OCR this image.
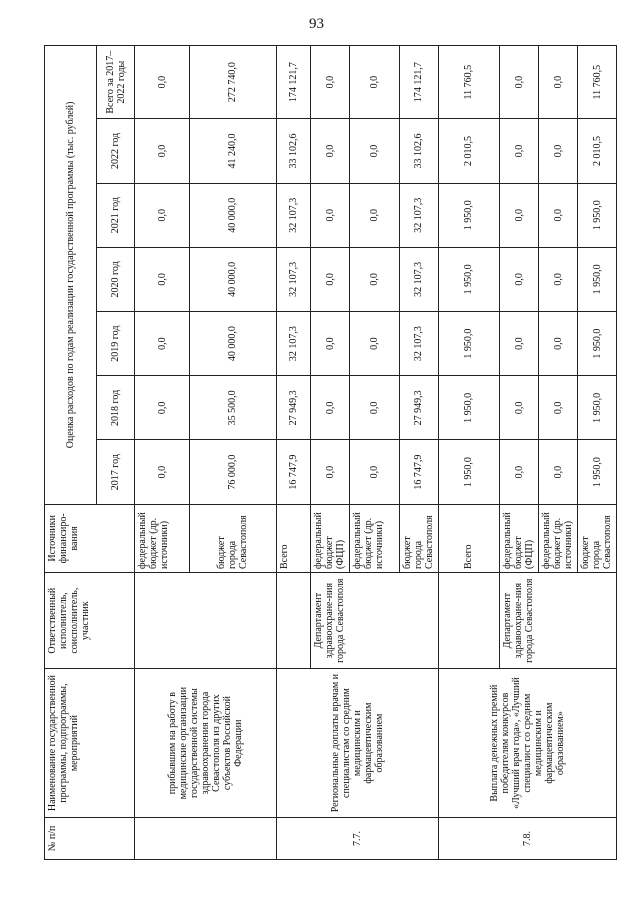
93
№ п/п	Наименование государственной программы, подпрограммы, мероприятий	Ответственный исполнитель, соисполнитель, участник	Источники финансиро-вания	Оценка расходов по годам реализации государственной программы (тыс. рублей)						
				2017 год	2018 год	2019 год	2020 год	2021 год	2022 год	Всего за 2017–2022 годы
	прибывшим на работу в медицинские организации государственной системы здравоохранения города Севастополя из других субъектов Российской Федерации		федеральный бюджет (др. источники)	0,0	0,0	0,0	0,0	0,0	0,0	0,0
			бюджет города Севастополя	76 000,0	35 500,0	40 000,0	40 000,0	40 000,0	41 240,0	272 740,0
7.7.	Региональные доплаты врачам и специалистам со средним медицинским и фармацевтическим образованием		Всего	16 747,9	27 949,3	32 107,3	32 107,3	32 107,3	33 102,6	174 121,7
		Департамент здравоохране-ния города Севастополя	федеральный бюджет (ФЦП)	0,0	0,0	0,0	0,0	0,0	0,0	0,0
			федеральный бюджет (др. источники)	0,0	0,0	0,0	0,0	0,0	0,0	0,0
			бюджет города Севастополя	16 747,9	27 949,3	32 107,3	32 107,3	32 107,3	33 102,6	174 121,7
7.8.	Выплата денежных премий победителям конкурсов «Лучший врач года», «Лучший специалист со средним медицинским и фармацевтическим образованием»		Всего	1 950,0	1 950,0	1 950,0	1 950,0	1 950,0	2 010,5	11 760,5
		Департамент здравоохране-ния города Севастополя	федеральный бюджет (ФЦП)	0,0	0,0	0,0	0,0	0,0	0,0	0,0
			федеральный бюджет (др. источники)	0,0	0,0	0,0	0,0	0,0	0,0	0,0
			бюджет города Севастополя	1 950,0	1 950,0	1 950,0	1 950,0	1 950,0	2 010,5	11 760,5
